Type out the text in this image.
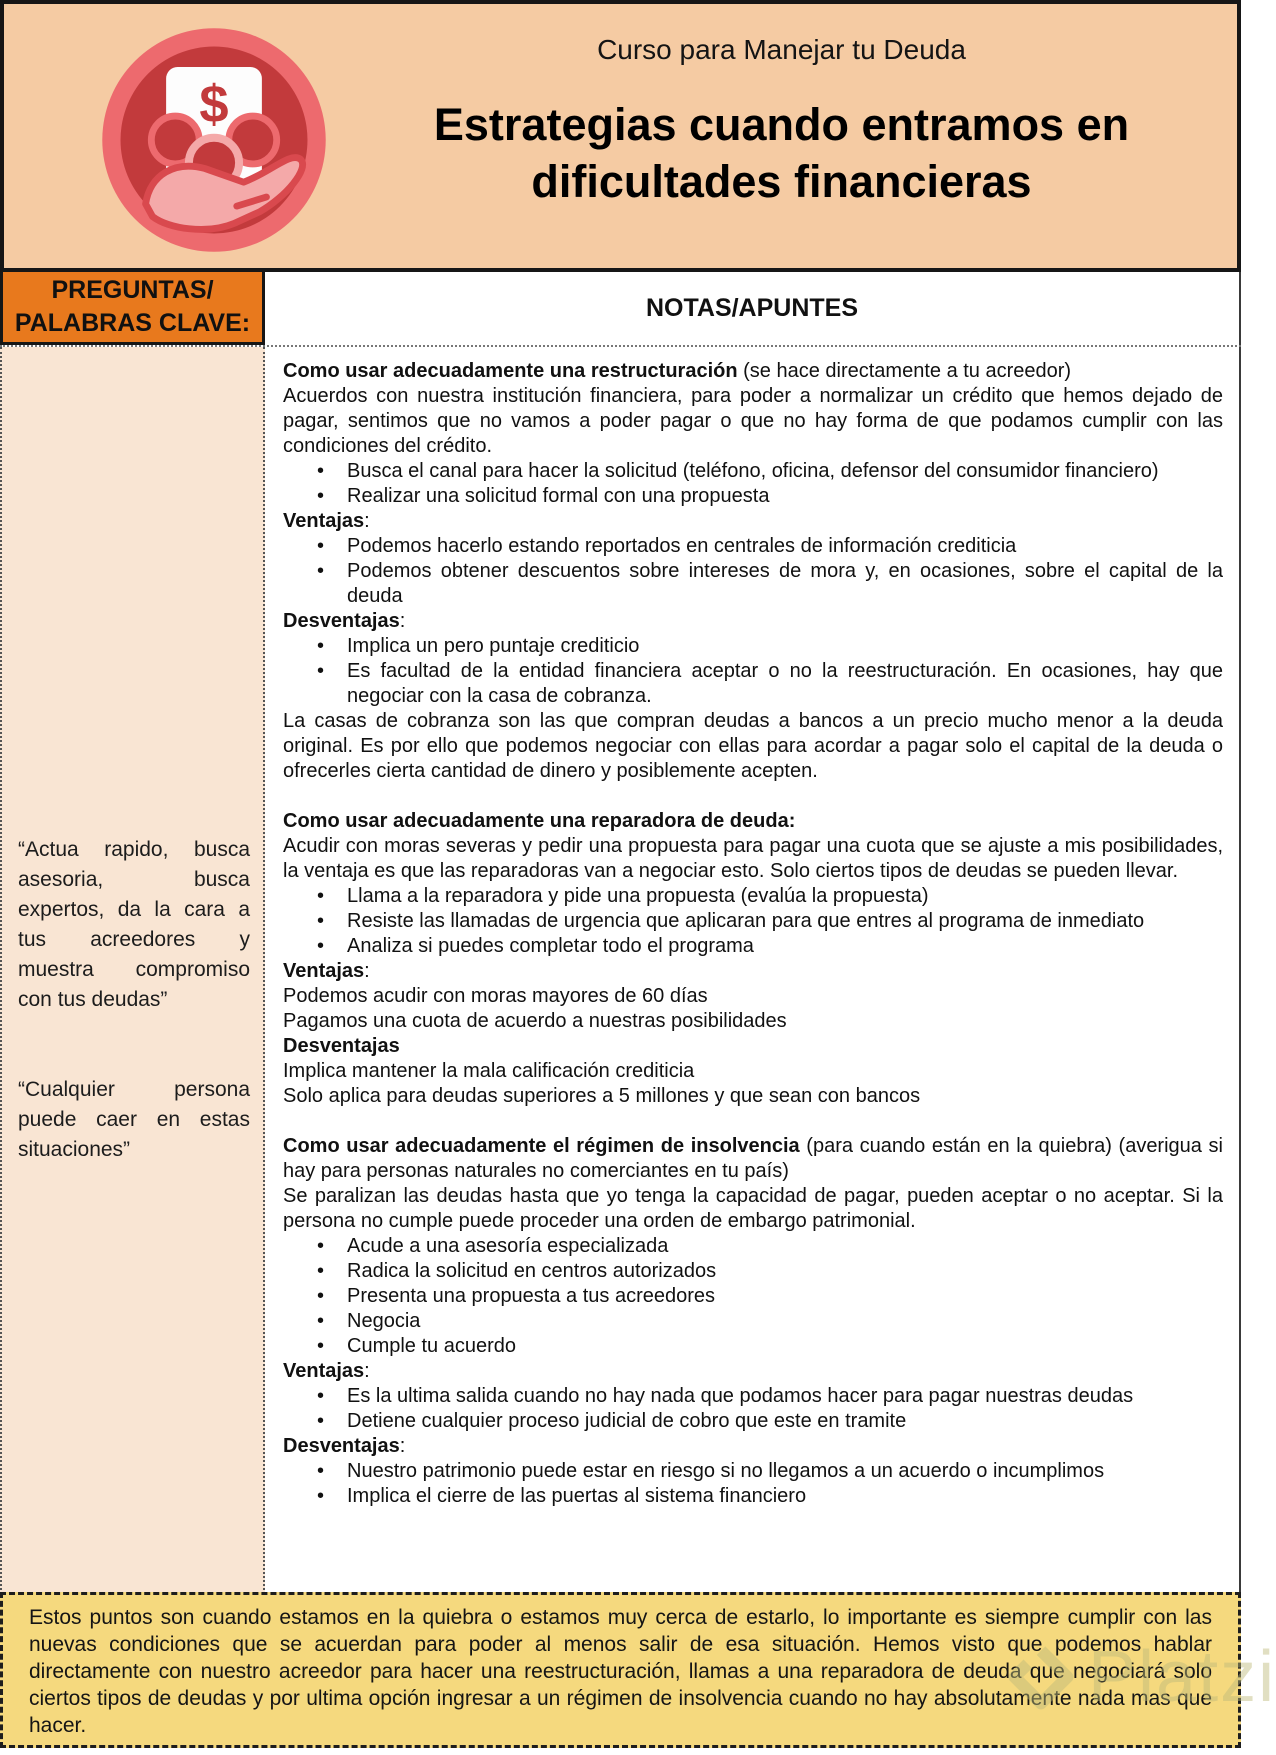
$
Curso para Manejar tu Deuda
Estrategias cuando entramos en dificultades financieras
PREGUNTAS/ PALABRAS CLAVE:
NOTAS/APUNTES
“Actua rapido, busca asesoria, busca expertos, da la cara a tus acreedores y muestra compromiso con tus deudas”
“Cualquier persona puede caer en estas situaciones”
Como usar adecuadamente una restructuración (se hace directamente a tu acreedor)
Acuerdos con nuestra institución financiera, para poder a normalizar un crédito que hemos dejado de pagar, sentimos que no vamos a poder pagar o que no hay forma de que podamos cumplir con las condiciones del crédito.
• Busca el canal para hacer la solicitud (teléfono, oficina, defensor del consumidor financiero)
• Realizar una solicitud formal con una propuesta
Ventajas:
• Podemos hacerlo estando reportados en centrales de información crediticia
• Podemos obtener descuentos sobre intereses de mora y, en ocasiones, sobre el capital de la deuda
Desventajas:
• Implica un pero puntaje crediticio
• Es facultad de la entidad financiera aceptar o no la reestructuración. En ocasiones, hay que negociar con la casa de cobranza.
La casas de cobranza son las que compran deudas a bancos a un precio mucho menor a la deuda original. Es por ello que podemos negociar con ellas para acordar a pagar solo el capital de la deuda o ofrecerles cierta cantidad de dinero y posiblemente acepten.
Como usar adecuadamente una reparadora de deuda:
Acudir con moras severas y pedir una propuesta para pagar una cuota que se ajuste a mis posibilidades, la ventaja es que las reparadoras van a negociar esto. Solo ciertos tipos de deudas se pueden llevar.
• Llama a la reparadora y pide una propuesta (evalúa la propuesta)
• Resiste las llamadas de urgencia que aplicaran para que entres al programa de inmediato
• Analiza si puedes completar todo el programa
Ventajas:
Podemos acudir con moras mayores de 60 días
Pagamos una cuota de acuerdo a nuestras posibilidades
Desventajas
Implica mantener la mala calificación crediticia
Solo aplica para deudas superiores a 5 millones y que sean con bancos
Como usar adecuadamente el régimen de insolvencia (para cuando están en la quiebra) (averigua si hay para personas naturales no comerciantes en tu país)
Se paralizan las deudas hasta que yo tenga la capacidad de pagar, pueden aceptar o no aceptar. Si la persona no cumple puede proceder una orden de embargo patrimonial.
• Acude a una asesoría especializada
• Radica la solicitud en centros autorizados
• Presenta una propuesta a tus acreedores
• Negocia
• Cumple tu acuerdo
Ventajas:
• Es la ultima salida cuando no hay nada que podamos hacer para pagar nuestras deudas
• Detiene cualquier proceso judicial de cobro que este en tramite
Desventajas:
• Nuestro patrimonio puede estar en riesgo si no llegamos a un acuerdo o incumplimos
• Implica el cierre de las puertas al sistema financiero
Estos puntos son cuando estamos en la quiebra o estamos muy cerca de estarlo, lo importante es siempre cumplir con las nuevas condiciones que se acuerdan para poder al menos salir de esa situación. Hemos visto que podemos hablar directamente con nuestro acreedor para hacer una reestructuración, llamas a una reparadora de deuda que negociará solo ciertos tipos de deudas y por ultima opción ingresar a un régimen de insolvencia cuando no hay absolutamente nada mas que hacer.
Platzi
